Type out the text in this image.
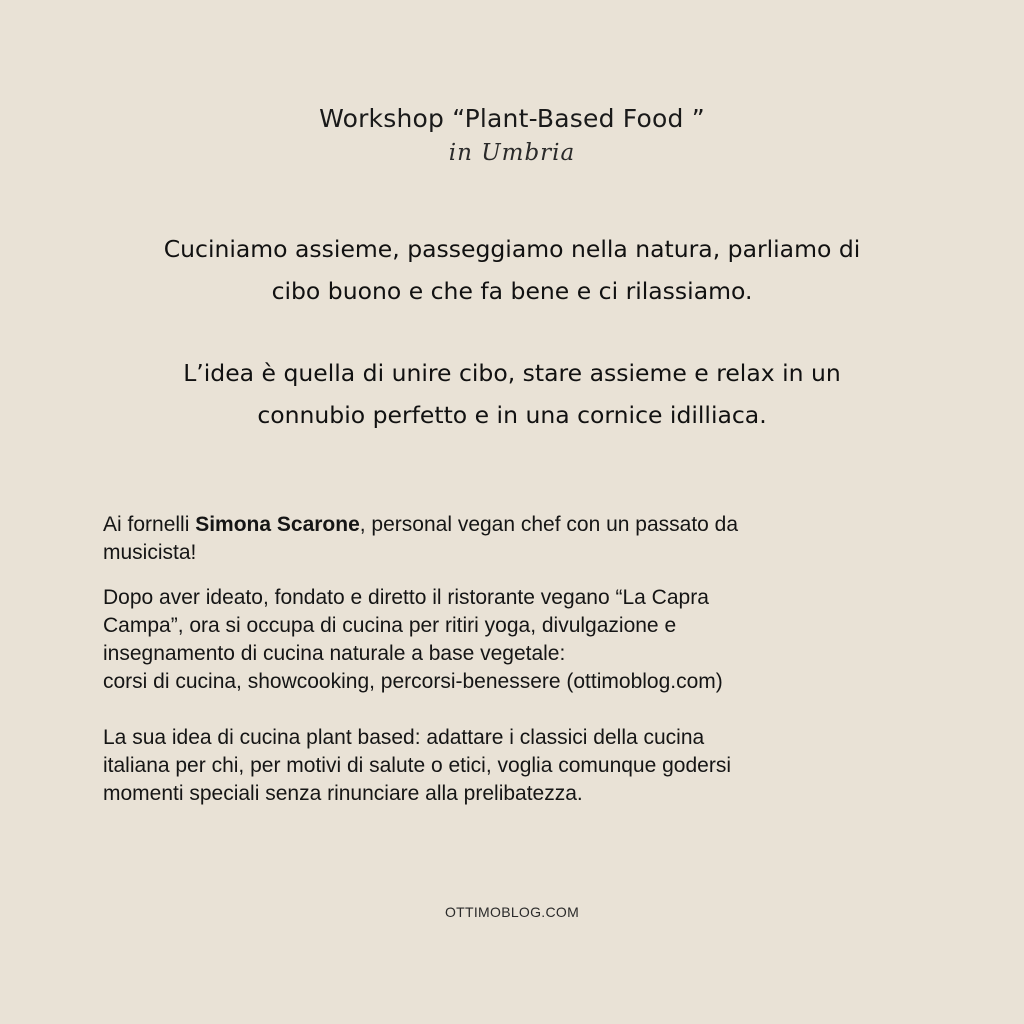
Workshop “Plant-Based Food ”
in Umbria
Cuciniamo assieme, passeggiamo nella natura, parliamo di
cibo buono e che fa bene e ci rilassiamo.
L’idea è quella di unire cibo, stare assieme e relax in un
connubio perfetto e in una cornice idilliaca.
Ai fornelli Simona Scarone, personal vegan chef con un passato da
musicista!
Dopo aver ideato, fondato e diretto il ristorante vegano “La Capra
Campa”, ora si occupa di cucina per ritiri yoga, divulgazione e
insegnamento di cucina naturale a base vegetale:
corsi di cucina, showcooking, percorsi-benessere (ottimoblog.com)
La sua idea di cucina plant based: adattare i classici della cucina
italiana per chi, per motivi di salute o etici, voglia comunque godersi
momenti speciali senza rinunciare alla prelibatezza.
OTTIMOBLOG.COM
